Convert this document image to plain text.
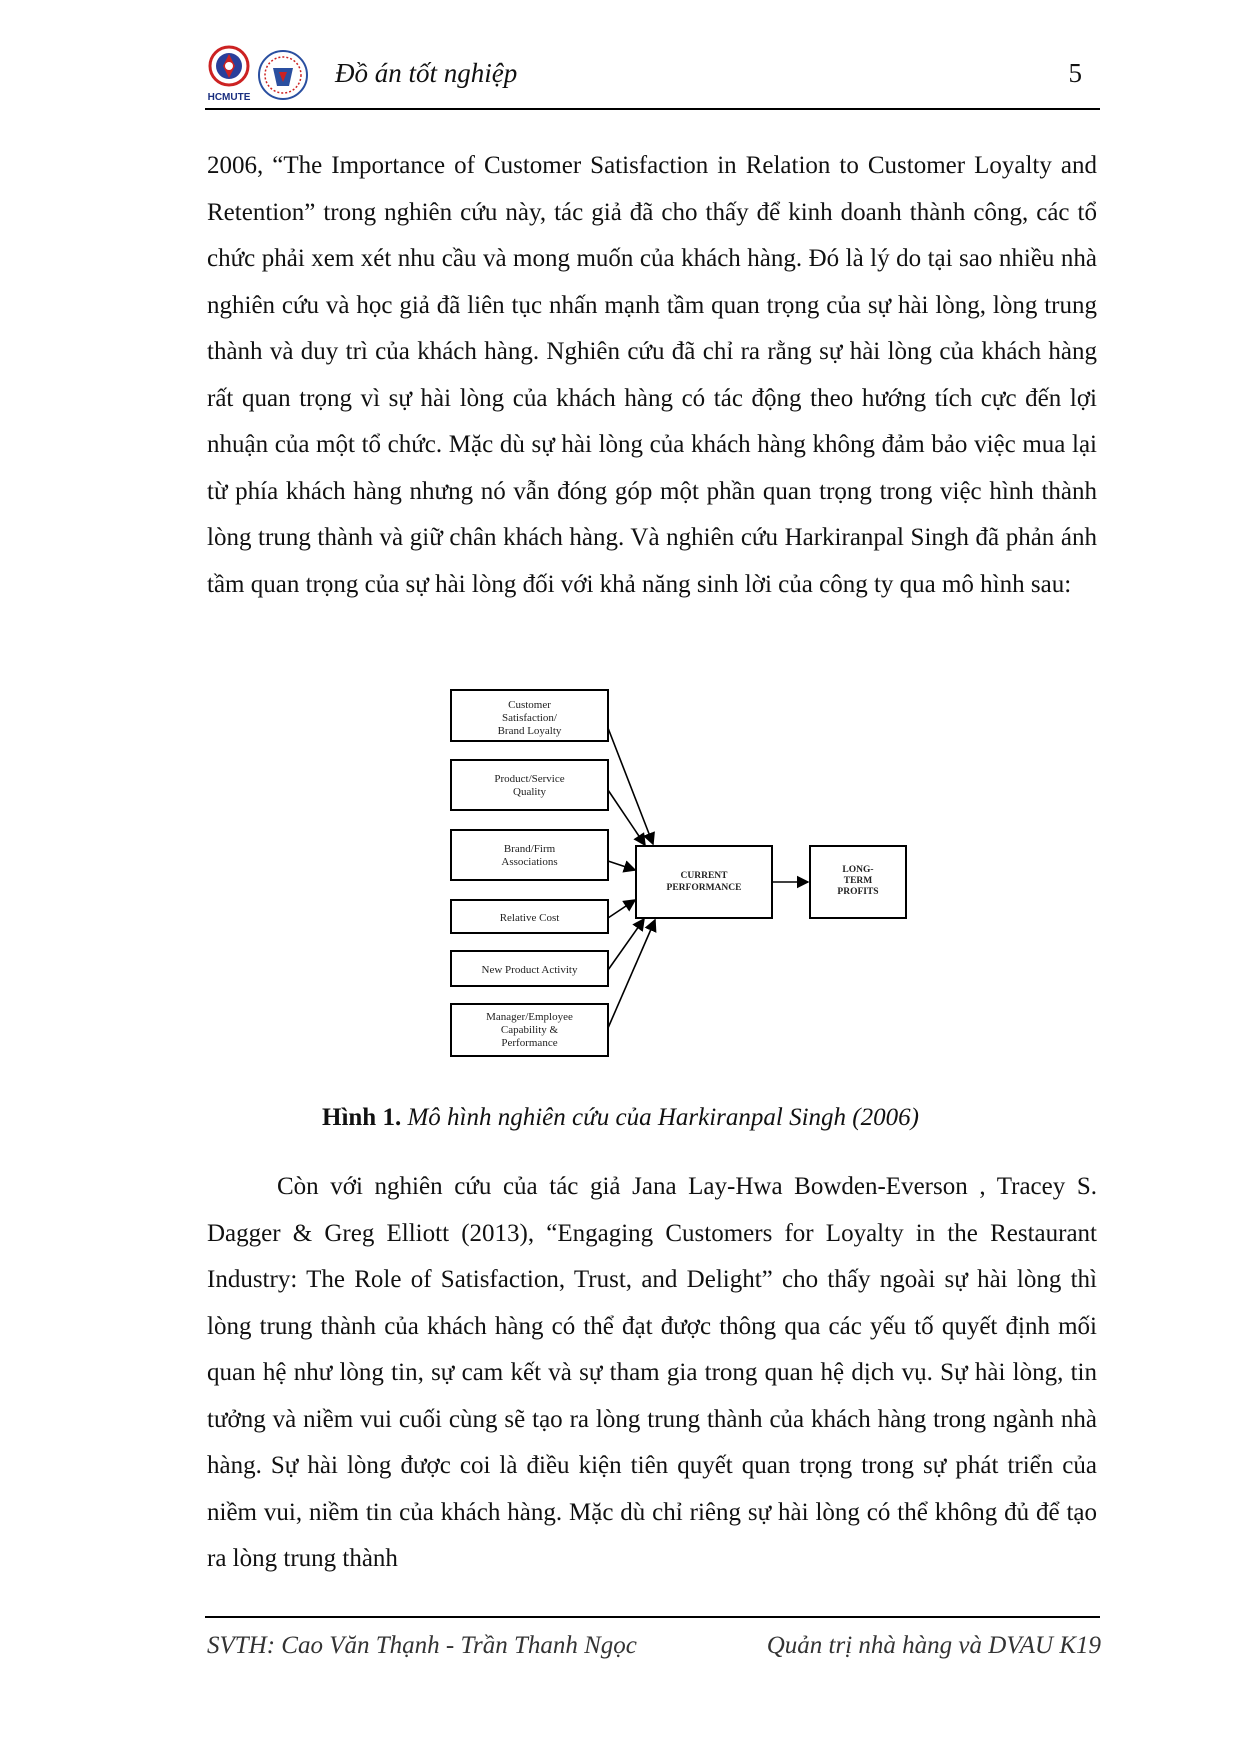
HCMUTE
Đồ án tốt nghiệp	5

2006, “The Importance of Customer Satisfaction in Relation to Customer Loyalty and Retention” trong nghiên cứu này, tác giả đã cho thấy để kinh doanh thành công, các tổ chức phải xem xét nhu cầu và mong muốn của khách hàng. Đó là lý do tại sao nhiều nhà nghiên cứu và học giả đã liên tục nhấn mạnh tầm quan trọng của sự hài lòng, lòng trung thành và duy trì của khách hàng. Nghiên cứu đã chỉ ra rằng sự hài lòng của khách hàng rất quan trọng vì sự hài lòng của khách hàng có tác động theo hướng tích cực đến lợi nhuận của một tổ chức. Mặc dù sự hài lòng của khách hàng không đảm bảo việc mua lại từ phía khách hàng nhưng nó vẫn đóng góp một phần quan trọng trong việc hình thành lòng trung thành và giữ chân khách hàng. Và nghiên cứu Harkiranpal Singh đã phản ánh tầm quan trọng của sự hài lòng đối với khả năng sinh lời của công ty qua mô hình sau:

Customer Satisfaction/ Brand Loyalty
Product/Service Quality
Brand/Firm Associations
Relative Cost
New Product Activity
Manager/Employee Capability & Performance
CURRENT PERFORMANCE
LONG-TERM PROFITS
Hình 1. Mô hình nghiên cứu của Harkiranpal Singh (2006)

Còn với nghiên cứu của tác giả Jana Lay-Hwa Bowden-Everson , Tracey S. Dagger & Greg Elliott (2013), “Engaging Customers for Loyalty in the Restaurant Industry: The Role of Satisfaction, Trust, and Delight” cho thấy ngoài sự hài lòng thì lòng trung thành của khách hàng có thể đạt được thông qua các yếu tố quyết định mối quan hệ như lòng tin, sự cam kết và sự tham gia trong quan hệ dịch vụ. Sự hài lòng, tin tưởng và niềm vui cuối cùng sẽ tạo ra lòng trung thành của khách hàng trong ngành nhà hàng. Sự hài lòng được coi là điều kiện tiên quyết quan trọng trong sự phát triển của niềm vui, niềm tin của khách hàng. Mặc dù chỉ riêng sự hài lòng có thể không đủ để tạo ra lòng trung thành

SVTH: Cao Văn Thạnh - Trần Thanh Ngọc	Quản trị nhà hàng và DVAU K19
